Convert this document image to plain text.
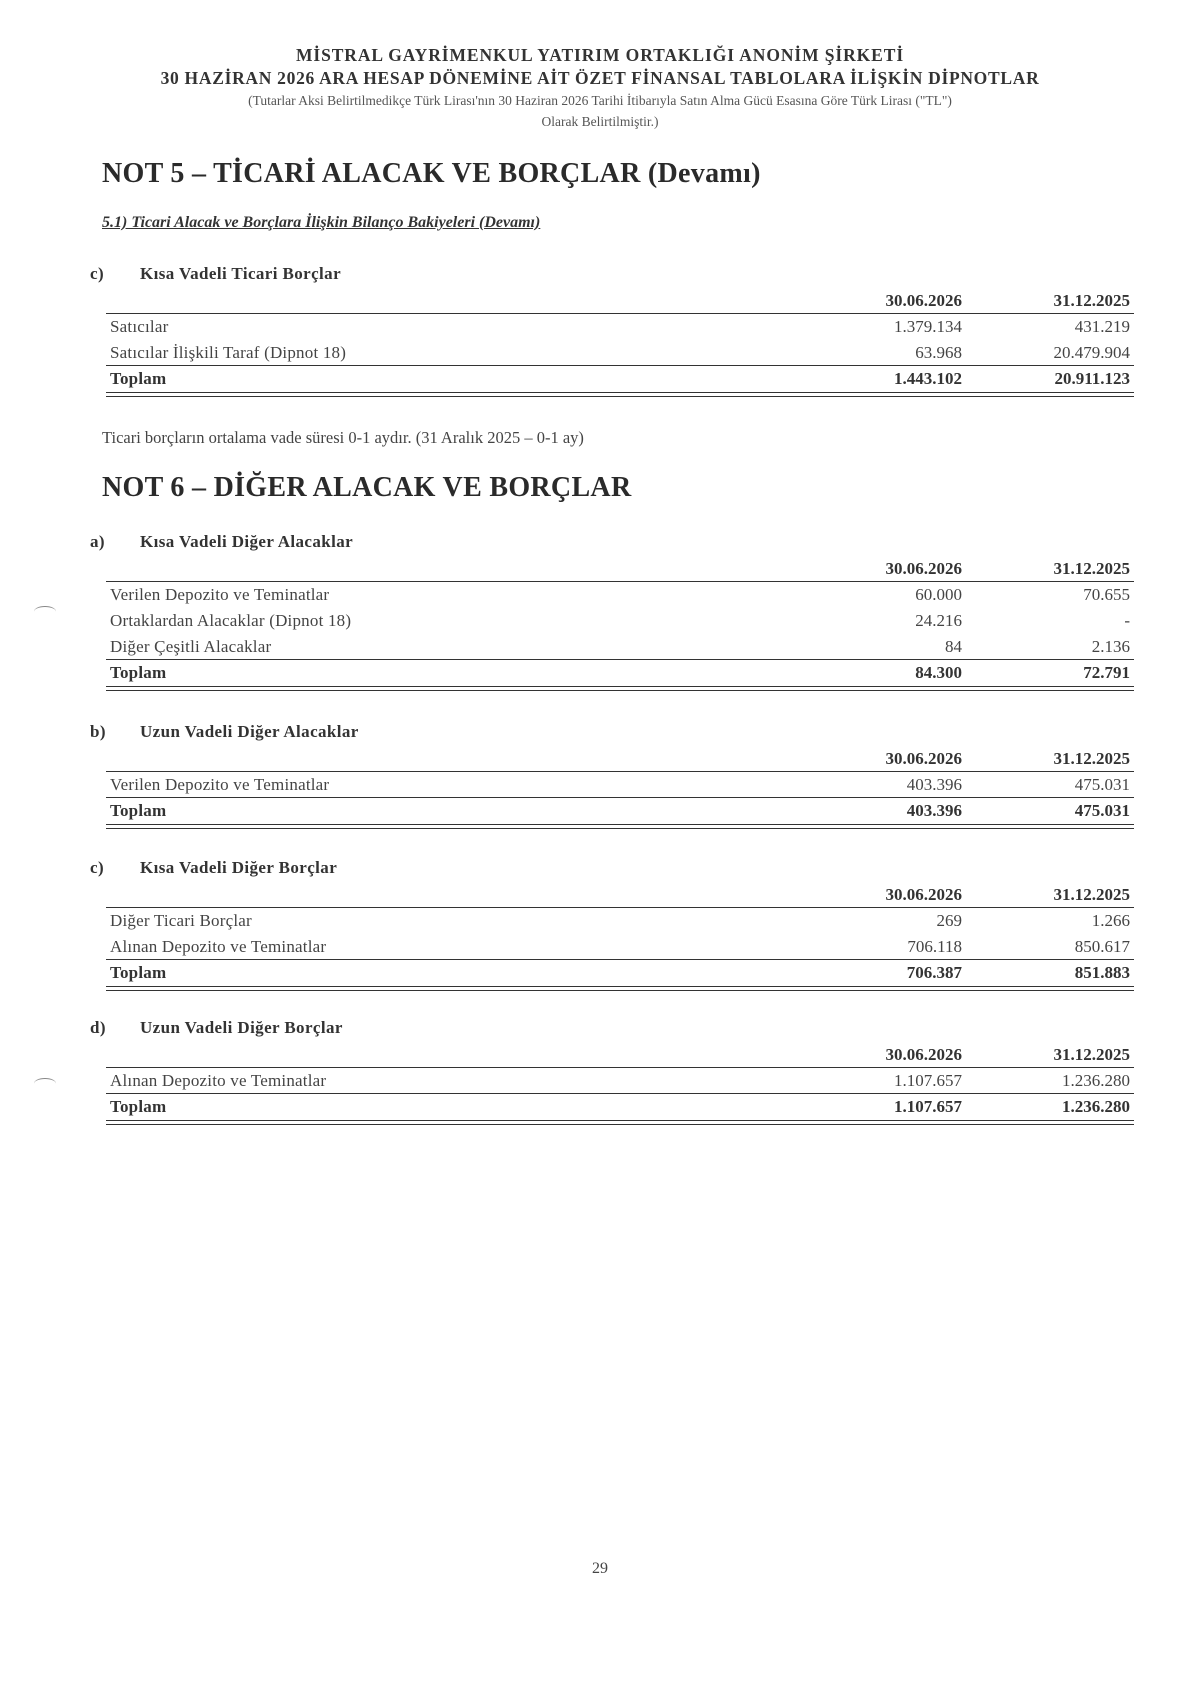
MİSTRAL GAYRİMENKUL YATIRIM ORTAKLIĞI ANONİM ŞİRKETİ
30 HAZİRAN 2026 ARA HESAP DÖNEMİNE AİT ÖZET FİNANSAL TABLOLARA İLİŞKİN DİPNOTLAR
(Tutarlar Aksi Belirtilmedikçe Türk Lirası'nın 30 Haziran 2026 Tarihi İtibarıyla Satın Alma Gücü Esasına Göre Türk Lirası ("TL")
Olarak Belirtilmiştir.)
NOT 5 – TİCARİ ALACAK VE BORÇLAR (Devamı)
5.1) Ticari Alacak ve Borçlara İlişkin Bilanço Bakiyeleri (Devamı)
c) Kısa Vadeli Ticari Borçlar
30.06.2026	31.12.2025
Satıcılar	1.379.134	431.219
Satıcılar İlişkili Taraf (Dipnot 18)	63.968	20.479.904
Toplam	1.443.102	20.911.123
Ticari borçların ortalama vade süresi 0-1 aydır. (31 Aralık 2025 – 0-1 ay)
NOT 6 – DİĞER ALACAK VE BORÇLAR
a) Kısa Vadeli Diğer Alacaklar
30.06.2026	31.12.2025
Verilen Depozito ve Teminatlar	60.000	70.655
Ortaklardan Alacaklar (Dipnot 18)	24.216	-
Diğer Çeşitli Alacaklar	84	2.136
Toplam	84.300	72.791
b) Uzun Vadeli Diğer Alacaklar
30.06.2026	31.12.2025
Verilen Depozito ve Teminatlar	403.396	475.031
Toplam	403.396	475.031
c) Kısa Vadeli Diğer Borçlar
30.06.2026	31.12.2025
Diğer Ticari Borçlar	269	1.266
Alınan Depozito ve Teminatlar	706.118	850.617
Toplam	706.387	851.883
d) Uzun Vadeli Diğer Borçlar
30.06.2026	31.12.2025
Alınan Depozito ve Teminatlar	1.107.657	1.236.280
Toplam	1.107.657	1.236.280
29
